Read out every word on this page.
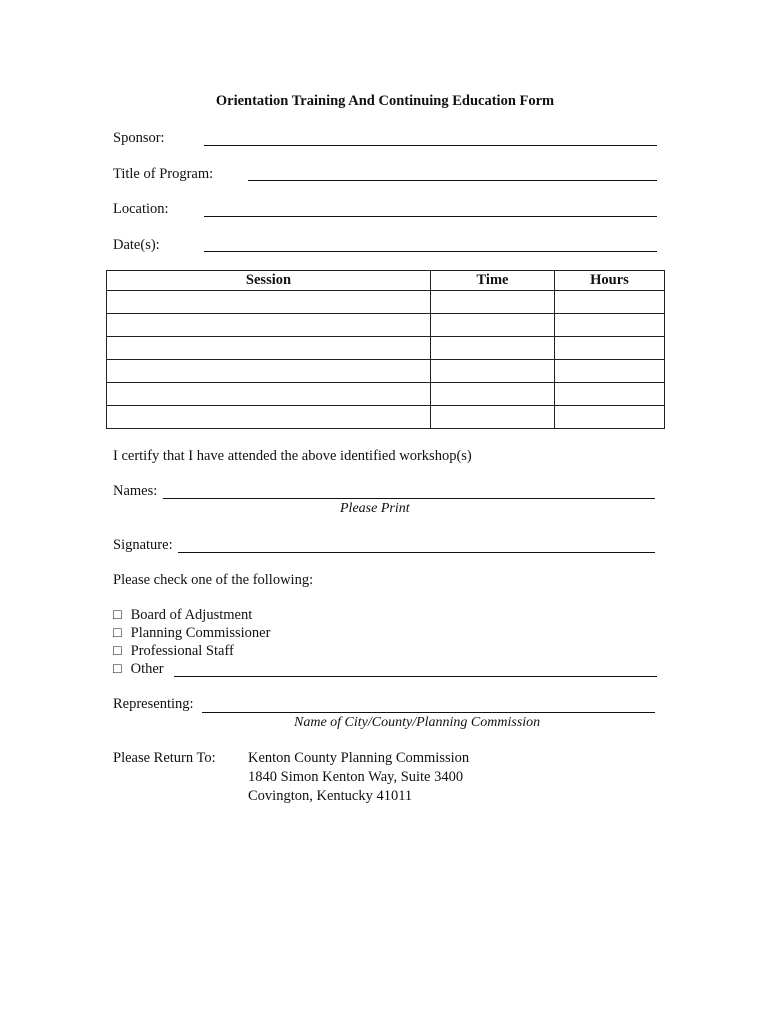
Orientation Training And Continuing Education Form
Sponsor:
Title of Program:
Location:
Date(s):
Session	Time	Hours

I certify that I have attended the above identified workshop(s)
Names:
Please Print
Signature:
Please check one of the following:
□ Board of Adjustment
□ Planning Commissioner
□ Professional Staff
□ Other
Representing:
Name of City/County/Planning Commission
Please Return To: Kenton County Planning Commission
1840 Simon Kenton Way, Suite 3400
Covington, Kentucky 41011
